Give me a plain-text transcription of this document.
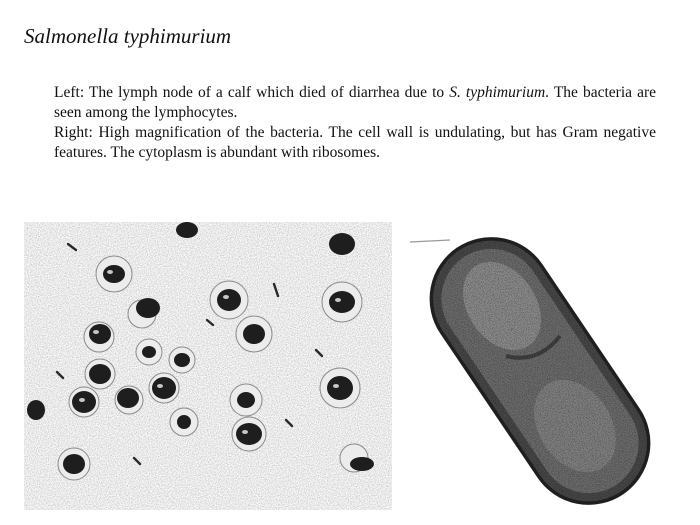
Salmonella typhimurium

Left: The lymph node of a calf which died of diarrhea due to S. typhimurium. The bacteria are seen among the lymphocytes.

Right: High magnification of the bacteria. The cell wall is undulating, but has Gram negative features. The cytoplasm is abundant with ribosomes.
